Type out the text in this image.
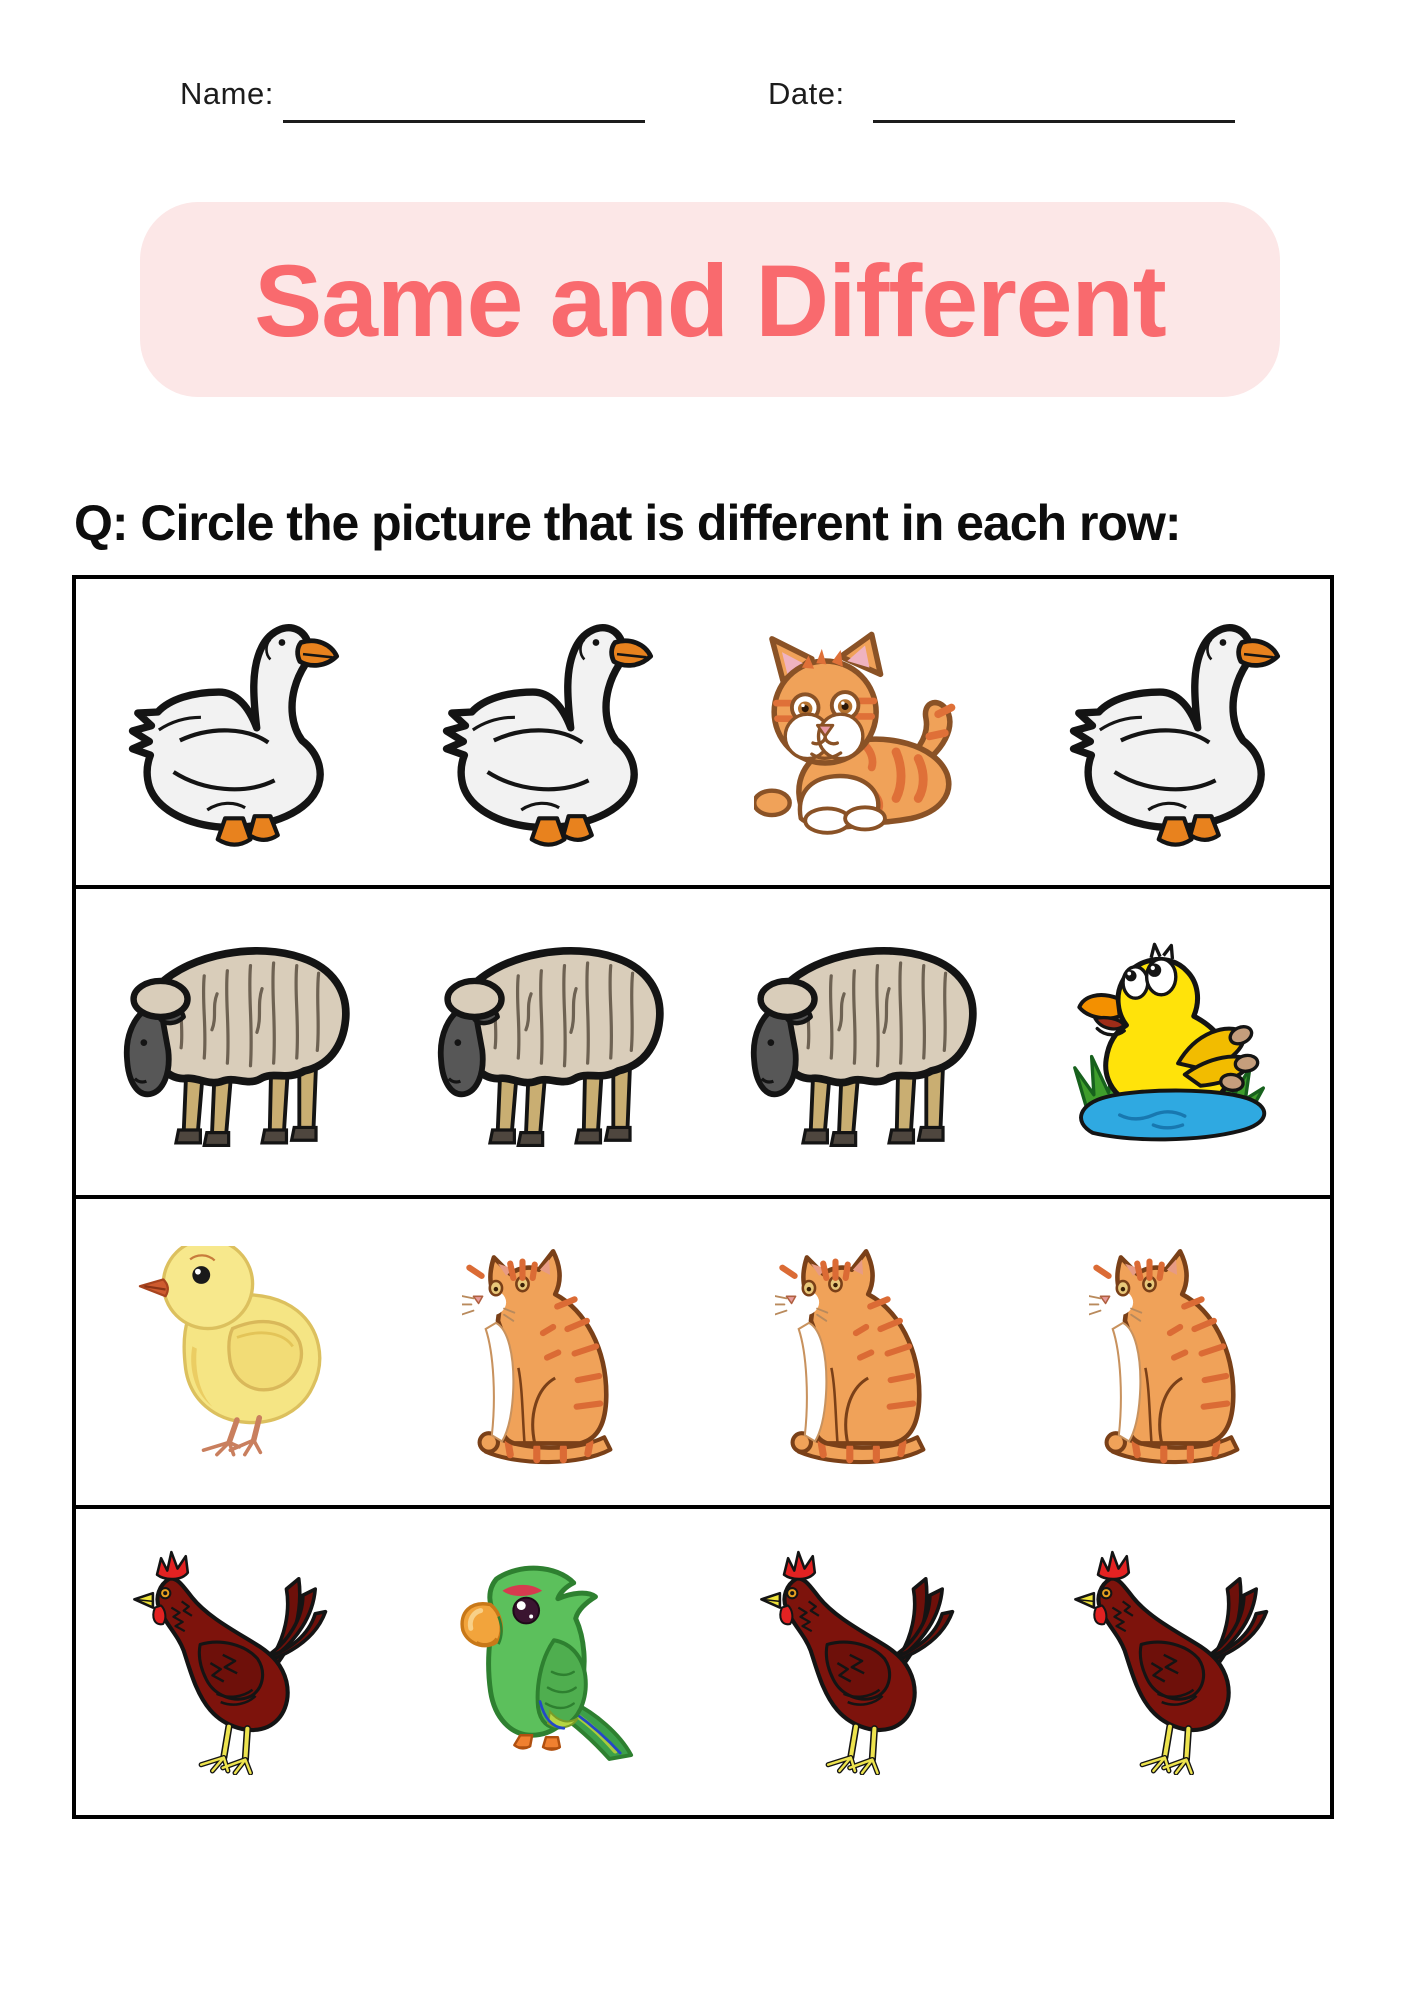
Name:	Date:
Same and Different
Q: Circle the picture that is different in each row:
